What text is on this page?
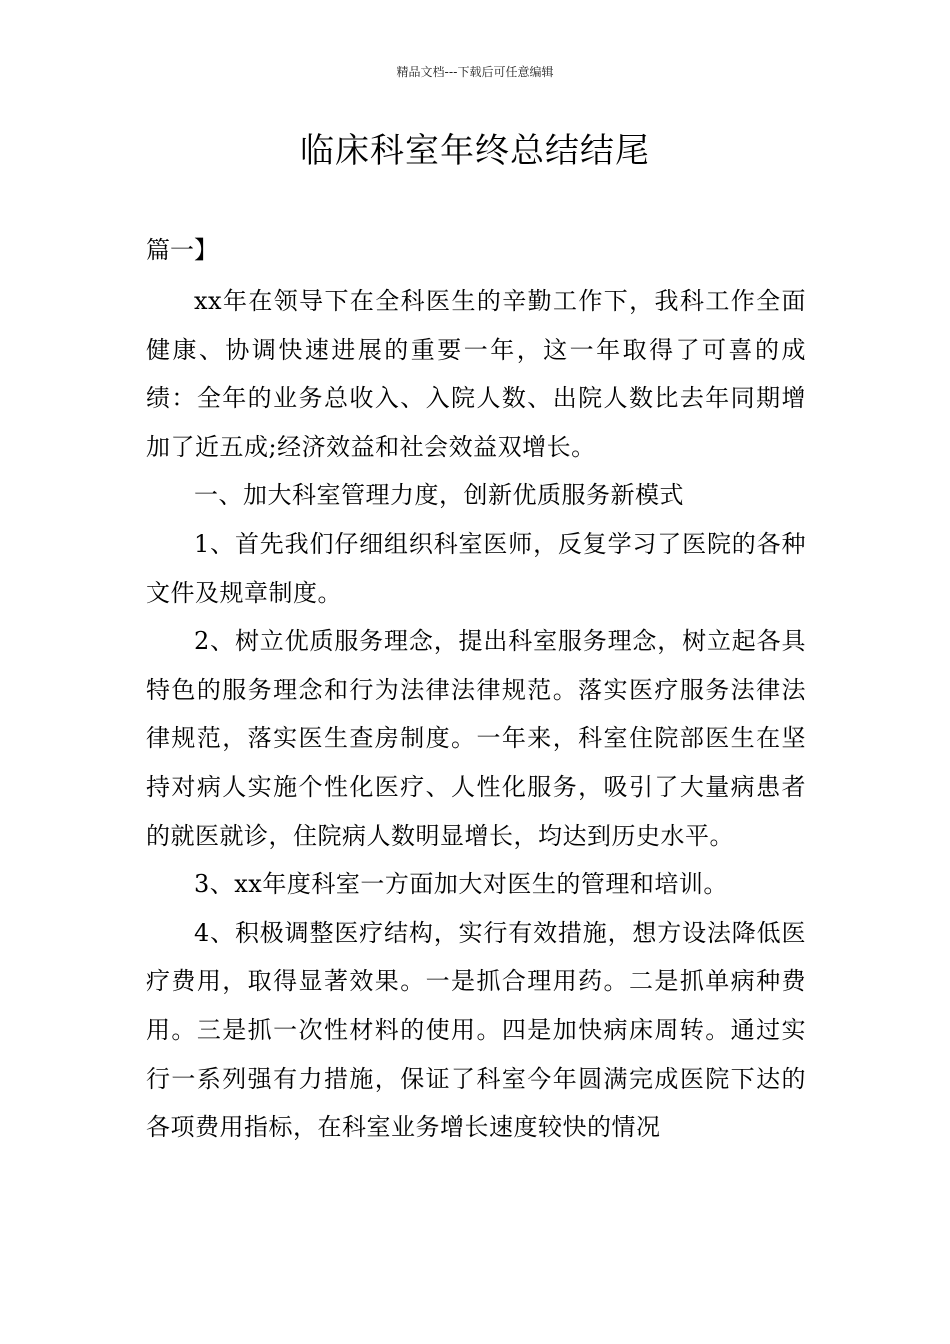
精品文档---下载后可任意编辑
临床科室年终总结结尾
篇一】

xx年在领导下在全科医生的辛勤工作下，我科工作全面健康、协调快速进展的重要一年，这一年取得了可喜的成绩：全年的业务总收入、入院人数、出院人数比去年同期增加了近五成;经济效益和社会效益双增长。

一、加大科室管理力度，创新优质服务新模式

1、首先我们仔细组织科室医师，反复学习了医院的各种文件及规章制度。

2、树立优质服务理念，提出科室服务理念，树立起各具特色的服务理念和行为法律法律规范。落实医疗服务法律法律规范，落实医生查房制度。一年来，科室住院部医生在坚持对病人实施个性化医疗、人性化服务，吸引了大量病患者的就医就诊，住院病人数明显增长，均达到历史水平。

3、xx年度科室一方面加大对医生的管理和培训。

4、积极调整医疗结构，实行有效措施，想方设法降低医疗费用，取得显著效果。一是抓合理用药。二是抓单病种费用。三是抓一次性材料的使用。四是加快病床周转。通过实行一系列强有力措施，保证了科室今年圆满完成医院下达的各项费用指标，在科室业务增长速度较快的情况
